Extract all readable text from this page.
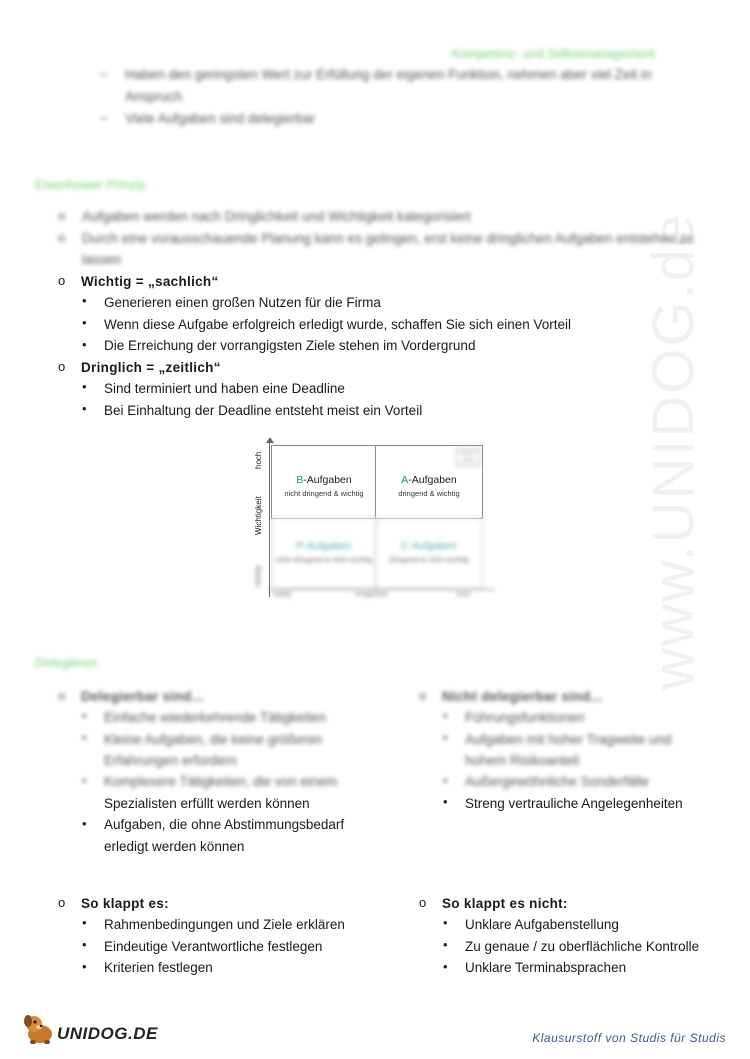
www.UNIDOG.de
Kompetenz- und Selbstmanagement
– Haben den geringsten Wert zur Erfüllung der eigenen Funktion, nehmen aber viel Zeit in
Anspruch
– Viele Aufgaben sind delegierbar
Eisenhower Prinzip
o Aufgaben werden nach Dringlichkeit und Wichtigkeit kategorisiert
o Durch eine vorausschauende Planung kann es gelingen, erst keine dringlichen Aufgaben entstehen zu
lassen
o Wichtig = „sachlich“
• Generieren einen großen Nutzen für die Firma
• Wenn diese Aufgabe erfolgreich erledigt wurde, schaffen Sie sich einen Vorteil
• Die Erreichung der vorrangigsten Ziele stehen im Vordergrund
o Dringlich = „zeitlich“
• Sind terminiert und haben eine Deadline
• Bei Einhaltung der Deadline entsteht meist ein Vorteil
hoch
Wichtigkeit
niedrig
B-Aufgaben
nicht dringend & wichtig
A-Aufgaben
dringend & wichtig
dringend
wichtig
P-Aufgaben
nicht dringend & nicht wichtig
C-Aufgaben
dringend & nicht wichtig
niedrig	Dringlichkeit	hoch
Delegieren
o Delegierbar sind...
• Einfache wiederkehrende Tätigkeiten
• Kleine Aufgaben, die keine größeren
Erfahrungen erfordern
• Komplexere Tätigkeiten, die von einem
Spezialisten erfüllt werden können
• Aufgaben, die ohne Abstimmungsbedarf
erledigt werden können
o Nicht delegierbar sind...
• Führungsfunktionen
• Aufgaben mit hoher Tragweite und
hohem Risikoanteil
• Außergewöhnliche Sonderfälle
• Streng vertrauliche Angelegenheiten
o So klappt es:
• Rahmenbedingungen und Ziele erklären
• Eindeutige Verantwortliche festlegen
• Kriterien festlegen
o So klappt es nicht:
• Unklare Aufgabenstellung
• Zu genaue / zu oberflächliche Kontrolle
• Unklare Terminabsprachen
UNIDOG.DE	Klausurstoff von Studis für Studis
